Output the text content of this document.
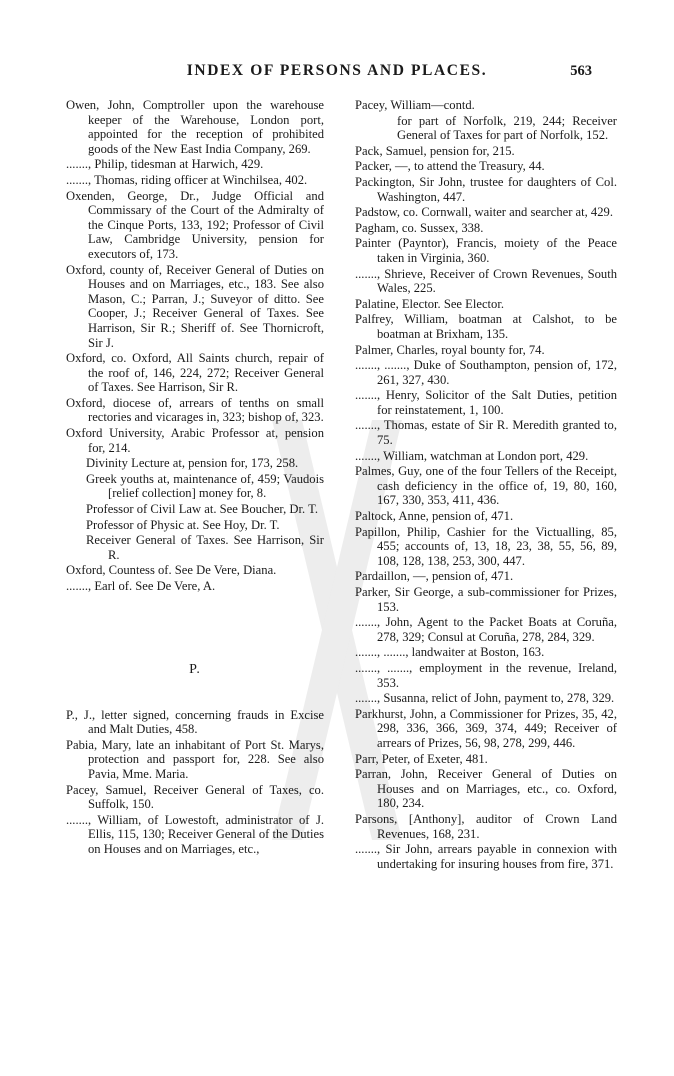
INDEX OF PERSONS AND PLACES.	563

Owen, John, Comptroller upon the warehouse keeper of the Warehouse, London port, appointed for the reception of prohibited goods of the New East India Company, 269.

......., Philip, tidesman at Harwich, 429.

......., Thomas, riding officer at Winchilsea, 402.

Oxenden, George, Dr., Judge Official and Commissary of the Court of the Admiralty of the Cinque Ports, 133, 192; Professor of Civil Law, Cambridge University, pension for executors of, 173.

Oxford, county of, Receiver General of Duties on Houses and on Marriages, etc., 183. See also Mason, C.; Parran, J.; Suveyor of ditto. See Cooper, J.; Receiver General of Taxes. See Harrison, Sir R.; Sheriff of. See Thornicroft, Sir J.

Oxford, co. Oxford, All Saints church, repair of the roof of, 146, 224, 272; Receiver General of Taxes. See Harrison, Sir R.

Oxford, diocese of, arrears of tenths on small rectories and vicarages in, 323; bishop of, 323.

Oxford University, Arabic Professor at, pension for, 214.

Divinity Lecture at, pension for, 173, 258.

Greek youths at, maintenance of, 459; Vaudois [relief collection] money for, 8.

Professor of Civil Law at. See Boucher, Dr. T.

Professor of Physic at. See Hoy, Dr. T.

Receiver General of Taxes. See Harrison, Sir R.

Oxford, Countess of. See De Vere, Diana.

......., Earl of. See De Vere, A.

P.

P., J., letter signed, concerning frauds in Excise and Malt Duties, 458.

Pabia, Mary, late an inhabitant of Port St. Marys, protection and passport for, 228. See also Pavia, Mme. Maria.

Pacey, Samuel, Receiver General of Taxes, co. Suffolk, 150.

......., William, of Lowestoft, administrator of J. Ellis, 115, 130; Receiver General of the Duties on Houses and on Marriages, etc.,

Pacey, William—contd.

for part of Norfolk, 219, 244; Receiver General of Taxes for part of Norfolk, 152.

Pack, Samuel, pension for, 215.

Packer, —, to attend the Treasury, 44.

Packington, Sir John, trustee for daughters of Col. Washington, 447.

Padstow, co. Cornwall, waiter and searcher at, 429.

Pagham, co. Sussex, 338.

Painter (Payntor), Francis, moiety of the Peace taken in Virginia, 360.

......., Shrieve, Receiver of Crown Revenues, South Wales, 225.

Palatine, Elector. See Elector.

Palfrey, William, boatman at Calshot, to be boatman at Brixham, 135.

Palmer, Charles, royal bounty for, 74.

......., ......., Duke of Southampton, pension of, 172, 261, 327, 430.

......., Henry, Solicitor of the Salt Duties, petition for reinstatement, 1, 100.

......., Thomas, estate of Sir R. Meredith granted to, 75.

......., William, watchman at London port, 429.

Palmes, Guy, one of the four Tellers of the Receipt, cash deficiency in the office of, 19, 80, 160, 167, 330, 353, 411, 436.

Paltock, Anne, pension of, 471.

Papillon, Philip, Cashier for the Victualling, 85, 455; accounts of, 13, 18, 23, 38, 55, 56, 89, 108, 128, 138, 253, 300, 447.

Pardaillon, —, pension of, 471.

Parker, Sir George, a sub-commissioner for Prizes, 153.

......., John, Agent to the Packet Boats at Coruña, 278, 329; Consul at Coruña, 278, 284, 329.

......., ......., landwaiter at Boston, 163.

......., ......., employment in the revenue, Ireland, 353.

......., Susanna, relict of John, payment to, 278, 329.

Parkhurst, John, a Commissioner for Prizes, 35, 42, 298, 336, 366, 369, 374, 449; Receiver of arrears of Prizes, 56, 98, 278, 299, 446.

Parr, Peter, of Exeter, 481.

Parran, John, Receiver General of Duties on Houses and on Marriages, etc., co. Oxford, 180, 234.

Parsons, [Anthony], auditor of Crown Land Revenues, 168, 231.

......., Sir John, arrears payable in connexion with undertaking for insuring houses from fire, 371.
